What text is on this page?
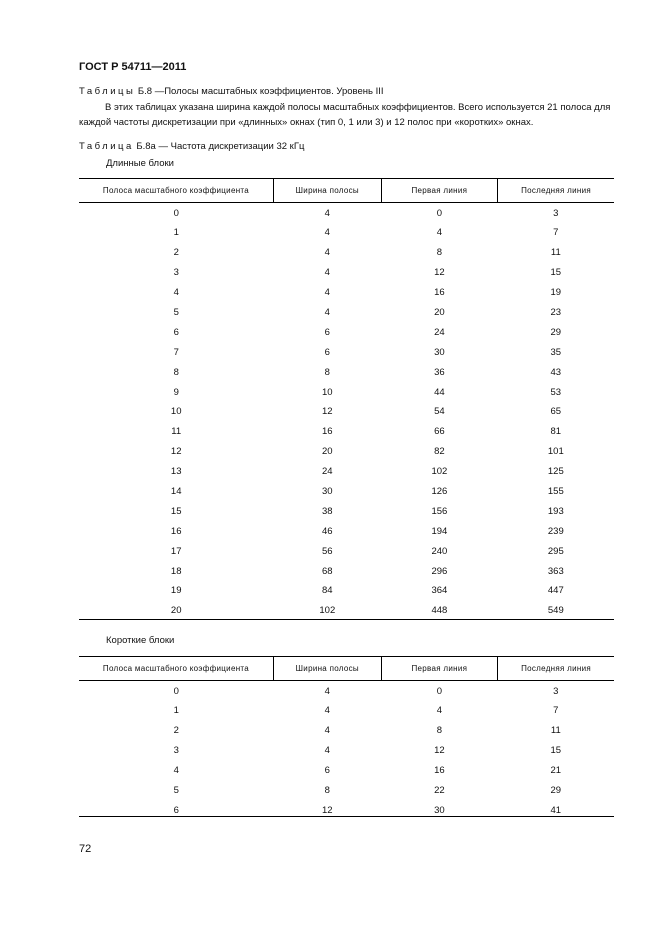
ГОСТ Р 54711—2011
Таблицы Б.8 —Полосы масштабных коэффициентов. Уровень III
В этих таблицах указана ширина каждой полосы масштабных коэффициентов. Всего используется 21 полоса для каждой частоты дискретизации при «длинных» окнах (тип 0, 1 или 3) и 12 полос при «коротких» окнах.
Таблица Б.8а — Частота дискретизации 32 кГц
Длинные блоки
Полоса масштабного коэффициента	Ширина полосы	Первая линия	Последняя линия
0	4	0	3
1	4	4	7
2	4	8	11
3	4	12	15
4	4	16	19
5	4	20	23
6	6	24	29
7	6	30	35
8	8	36	43
9	10	44	53
10	12	54	65
11	16	66	81
12	20	82	101
13	24	102	125
14	30	126	155
15	38	156	193
16	46	194	239
17	56	240	295
18	68	296	363
19	84	364	447
20	102	448	549
Короткие блоки
Полоса масштабного коэффициента	Ширина полосы	Первая линия	Последняя линия
0	4	0	3
1	4	4	7
2	4	8	11
3	4	12	15
4	6	16	21
5	8	22	29
6	12	30	41
72
